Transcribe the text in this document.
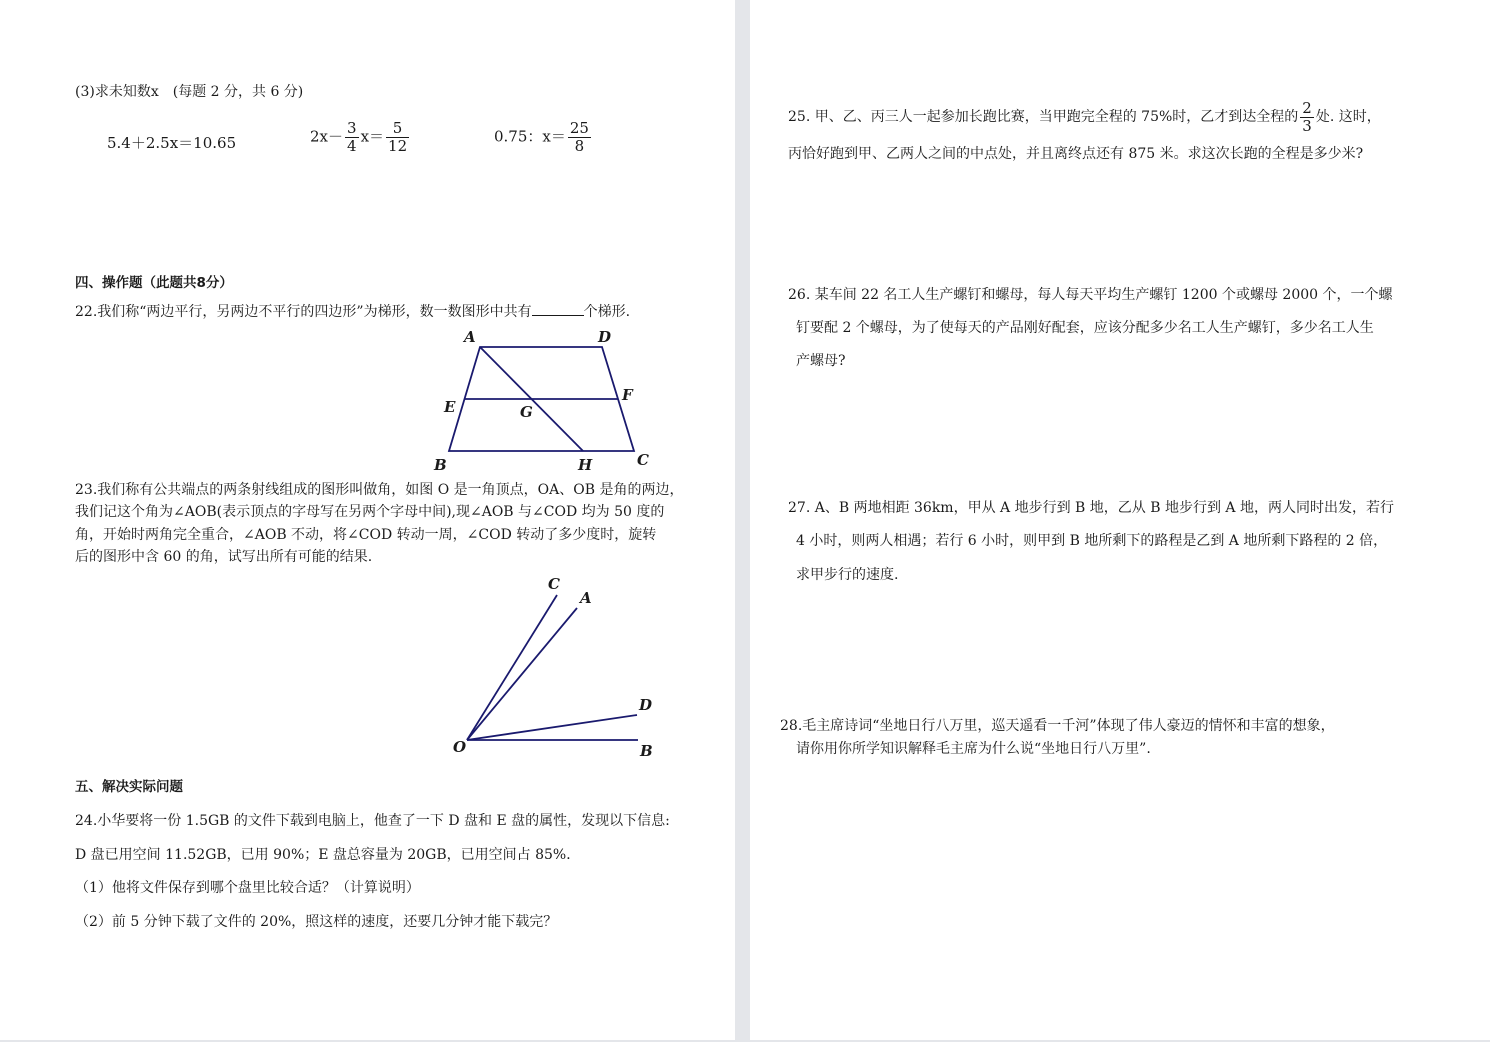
(3)求未知数x　(每题 2 分，共 6 分)
5.4＋2.5x＝10.65	$2x- \frac{3}{4} x= \frac{5}{12}$	0.75：$x= \frac{25}{8}$
四、操作题（此题共8分）
22.我们称“两边平行，另两边不平行的四边形”为梯形，数一数图形中共有	个梯形.
A	D
E
F
G
B	H	C
23.我们称有公共端点的两条射线组成的图形叫做角，如图 O 是一角顶点，OA、OB 是角的两边，
我们记这个角为∠AOB(表示顶点的字母写在另两个字母中间),现∠AOB 与∠COD 均为 50 度的
角，开始时两角完全重合，∠AOB 不动，将∠COD 转动一周，∠COD 转动了多少度时，旋转
后的图形中含 60 的角，试写出所有可能的结果.
C
A
D
O	B
五、解决实际问题
24.小华要将一份 1.5GB 的文件下载到电脑上，他查了一下 D 盘和 E 盘的属性，发现以下信息:
D 盘已用空间 11.52GB，已用 90%；E 盘总容量为 20GB，已用空间占 85%．
（1）他将文件保存到哪个盘里比较合适？（计算说明）
（2）前 5 分钟下载了文件的 20%，照这样的速度，还要几分钟才能下载完？
25. 甲、乙、丙三人一起参加长跑比赛，当甲跑完全程的 75%时，乙才到达全程的 $\frac{2}{3}$ 处. 这时，
丙恰好跑到甲、乙两人之间的中点处，并且离终点还有 875 米。求这次长跑的全程是多少米?
26. 某车间 22 名工人生产螺钉和螺母，每人每天平均生产螺钉 1200 个或螺母 2000 个，一个螺
钉要配 2 个螺母，为了使每天的产品刚好配套，应该分配多少名工人生产螺钉，多少名工人生
产螺母?
27. A、B 两地相距 36km，甲从 A 地步行到 B 地，乙从 B 地步行到 A 地，两人同时出发，若行
4 小时，则两人相遇；若行 6 小时，则甲到 B 地所剩下的路程是乙到 A 地所剩下路程的 2 倍，
求甲步行的速度.
28.毛主席诗词“坐地日行八万里，巡天遥看一千河”体现了伟人豪迈的情怀和丰富的想象，
请你用你所学知识解释毛主席为什么说“坐地日行八万里”.
